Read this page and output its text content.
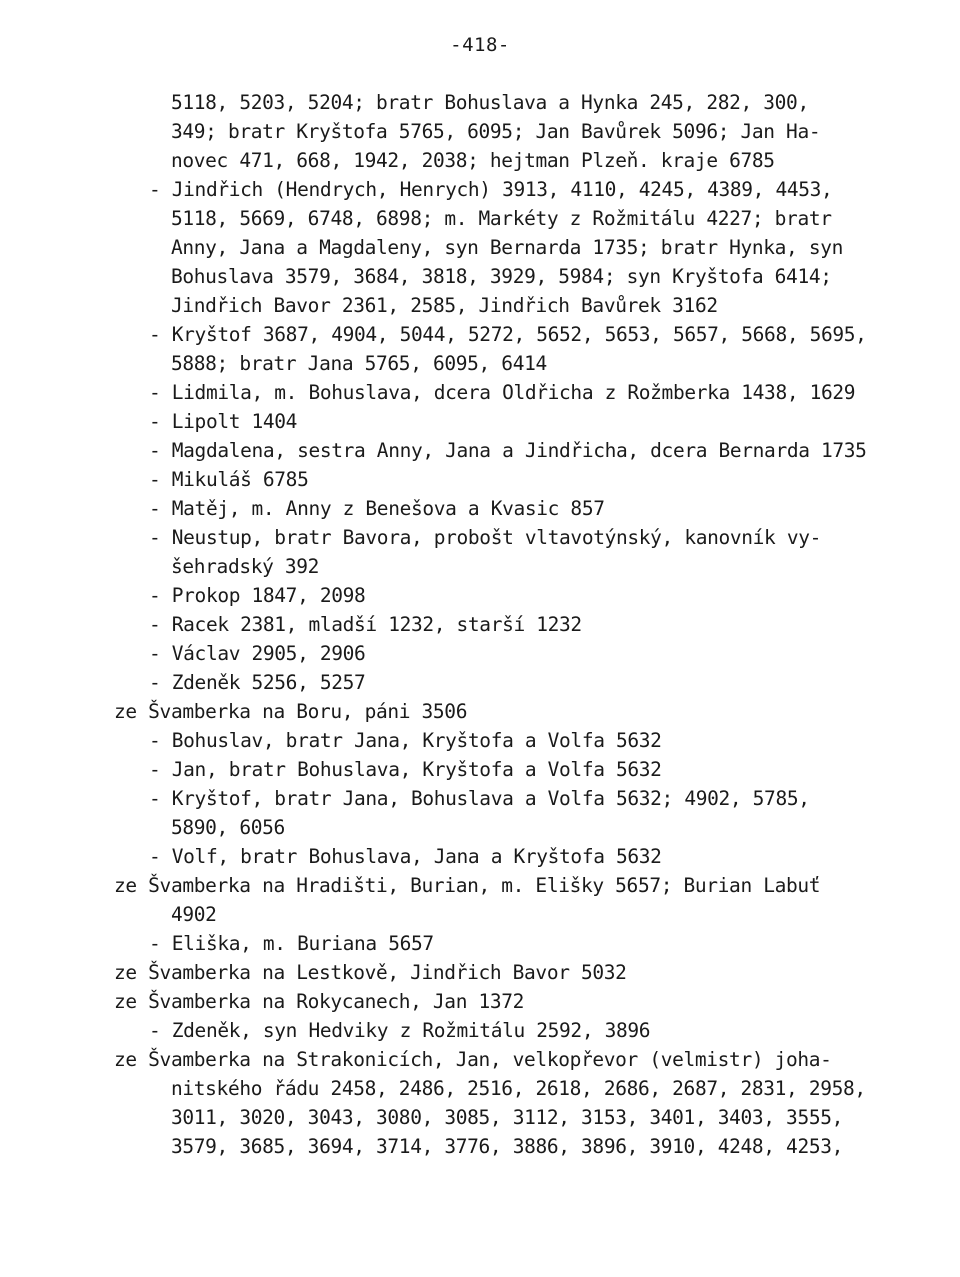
-418-
5118, 5203, 5204; bratr Bohuslava a Hynka 245, 282, 300,
349; bratr Kryštofa 5765, 6095; Jan Bavůrek 5096; Jan Ha-
novec 471, 668, 1942, 2038; hejtman Plzeň. kraje 6785
- Jindřich (Hendrych, Henrych) 3913, 4110, 4245, 4389, 4453,
5118, 5669, 6748, 6898; m. Markéty z Rožmitálu 4227; bratr
Anny, Jana a Magdaleny, syn Bernarda 1735; bratr Hynka, syn
Bohuslava 3579, 3684, 3818, 3929, 5984; syn Kryštofa 6414;
Jindřich Bavor 2361, 2585, Jindřich Bavůrek 3162
- Kryštof 3687, 4904, 5044, 5272, 5652, 5653, 5657, 5668, 5695,
5888; bratr Jana 5765, 6095, 6414
- Lidmila, m. Bohuslava, dcera Oldřicha z Rožmberka 1438, 1629
- Lipolt 1404
- Magdalena, sestra Anny, Jana a Jindřicha, dcera Bernarda 1735
- Mikuláš 6785
- Matěj, m. Anny z Benešova a Kvasic 857
- Neustup, bratr Bavora, probošt vltavotýnský, kanovník vy-
šehradský 392
- Prokop 1847, 2098
- Racek 2381, mladší 1232, starší 1232
- Václav 2905, 2906
- Zdeněk 5256, 5257
ze Švamberka na Boru, páni 3506
- Bohuslav, bratr Jana, Kryštofa a Volfa 5632
- Jan, bratr Bohuslava, Kryštofa a Volfa 5632
- Kryštof, bratr Jana, Bohuslava a Volfa 5632; 4902, 5785,
5890, 6056
- Volf, bratr Bohuslava, Jana a Kryštofa 5632
ze Švamberka na Hradišti, Burian, m. Elišky 5657; Burian Labuť
4902
- Eliška, m. Buriana 5657
ze Švamberka na Lestkově, Jindřich Bavor 5032
ze Švamberka na Rokycanech, Jan 1372
- Zdeněk, syn Hedviky z Rožmitálu 2592, 3896
ze Švamberka na Strakonicích, Jan, velkopřevor (velmistr) joha-
nitského řádu 2458, 2486, 2516, 2618, 2686, 2687, 2831, 2958,
3011, 3020, 3043, 3080, 3085, 3112, 3153, 3401, 3403, 3555,
3579, 3685, 3694, 3714, 3776, 3886, 3896, 3910, 4248, 4253,
